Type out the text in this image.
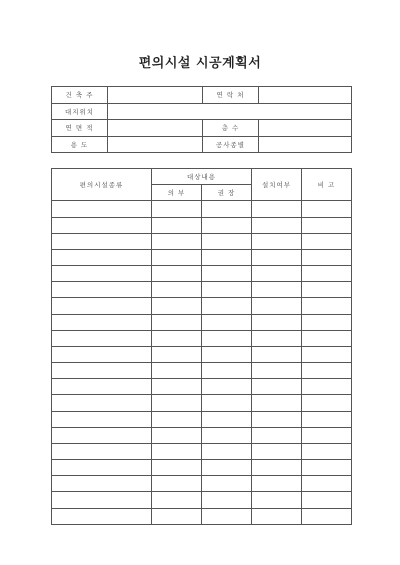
편의시설 시공계획서
건 축 주		연 락 처	
대지위치			
연 면 적		층 수	
용 도		공사종별	
편의시설종류	대상내용		설치여부	비 고
	의 부	권 장		
